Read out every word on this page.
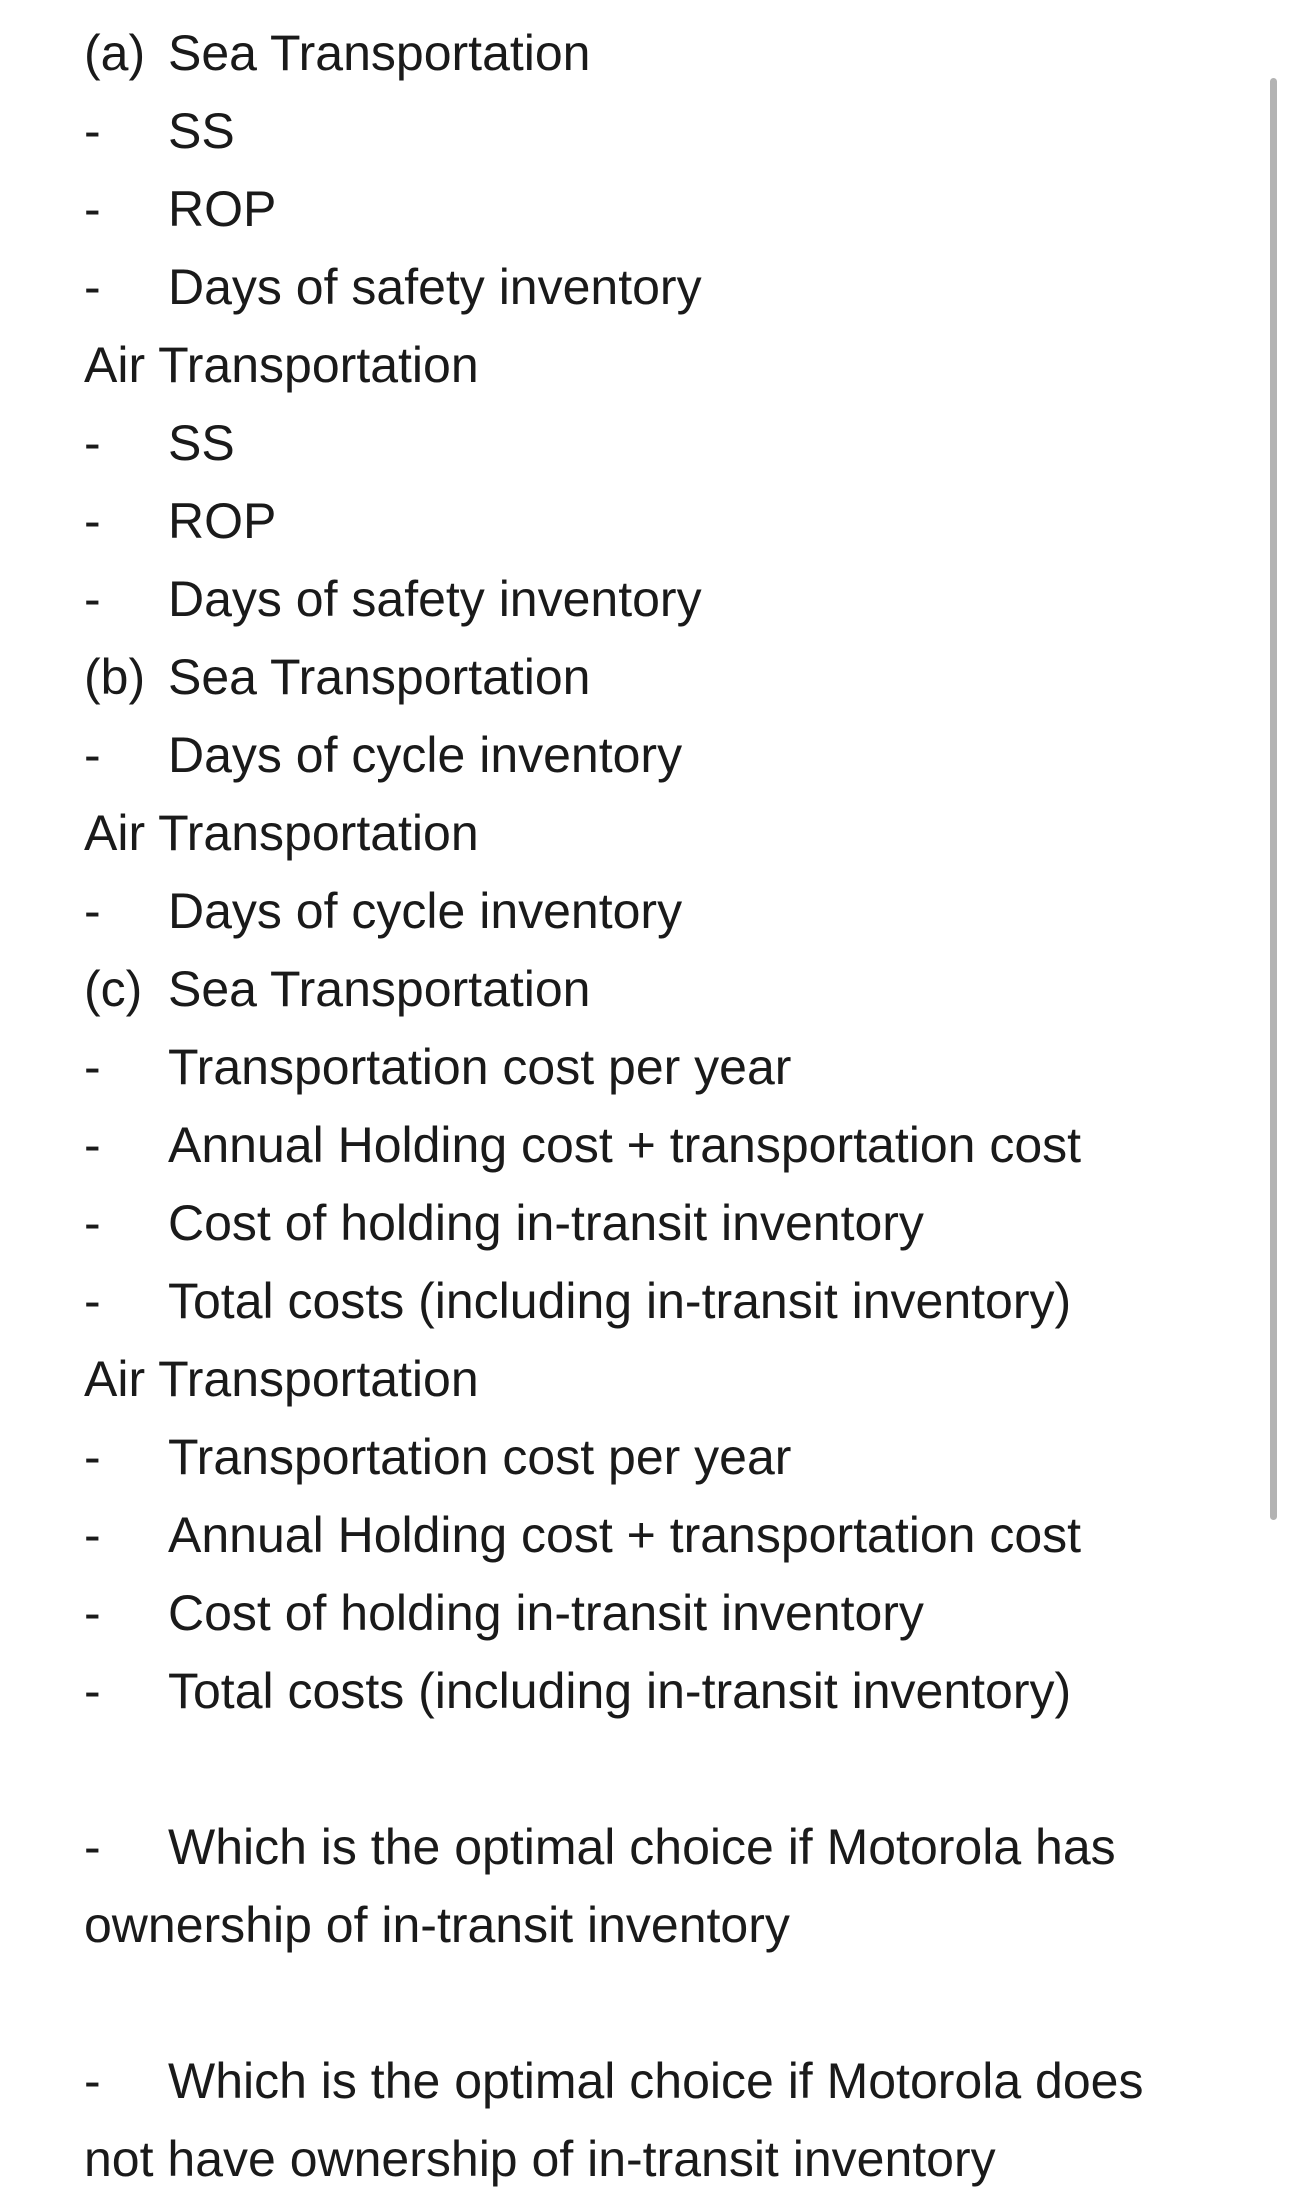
(a) Sea Transportation
- SS
- ROP
- Days of safety inventory
Air Transportation
- SS
- ROP
- Days of safety inventory
(b) Sea Transportation
- Days of cycle inventory
Air Transportation
- Days of cycle inventory
(c) Sea Transportation
- Transportation cost per year
- Annual Holding cost + transportation cost
- Cost of holding in-transit inventory
- Total costs (including in-transit inventory)
Air Transportation
- Transportation cost per year
- Annual Holding cost + transportation cost
- Cost of holding in-transit inventory
- Total costs (including in-transit inventory)
- Which is the optimal choice if Motorola has
ownership of in-transit inventory
- Which is the optimal choice if Motorola does
not have ownership of in-transit inventory
